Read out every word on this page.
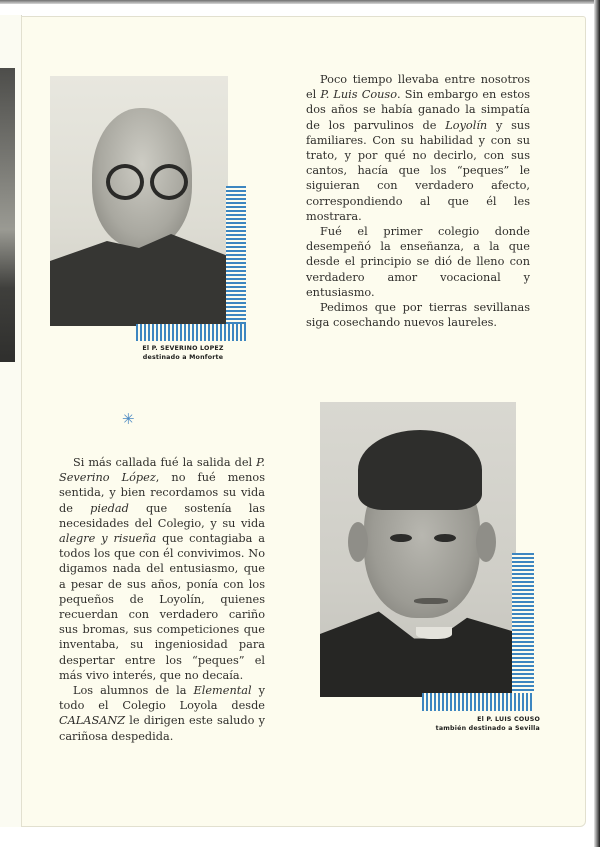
El P. SEVERINO LOPEZ
destinado a Monforte

Poco tiempo llevaba entre nosotros el P. Luis Couso. Sin embargo en estos dos años se había ganado la simpatía de los parvulinos de Loyolín y sus familiares. Con su habilidad y con su trato, y por qué no decirlo, con sus cantos, hacía que los “peques” le siguieran con verdadero afecto, correspondiendo al que él les mostrara.

Fué el primer colegio donde desempeñó la enseñanza, a la que desde el principio se dió de lleno con verdadero amor vocacional y entusiasmo.

Pedimos que por tierras sevillanas siga cosechando nuevos laureles.

✳

Si más callada fué la salida del P. Severino López, no fué menos sentida, y bien recordamos su vida de piedad que sostenía las necesidades del Colegio, y su vida alegre y risueña que contagiaba a todos los que con él convivimos. No digamos nada del entusiasmo, que a pesar de sus años, ponía con los pequeños de Loyolín, quienes recuerdan con verdadero cariño sus bromas, sus competiciones que inventaba, su ingeniosidad para despertar entre los “peques” el más vivo interés, que no decaía.

Los alumnos de la Elemental y todo el Colegio Loyola desde CALASANZ le dirigen este saludo y cariñosa despedida.

El P. LUIS COUSO
también destinado a Sevilla
